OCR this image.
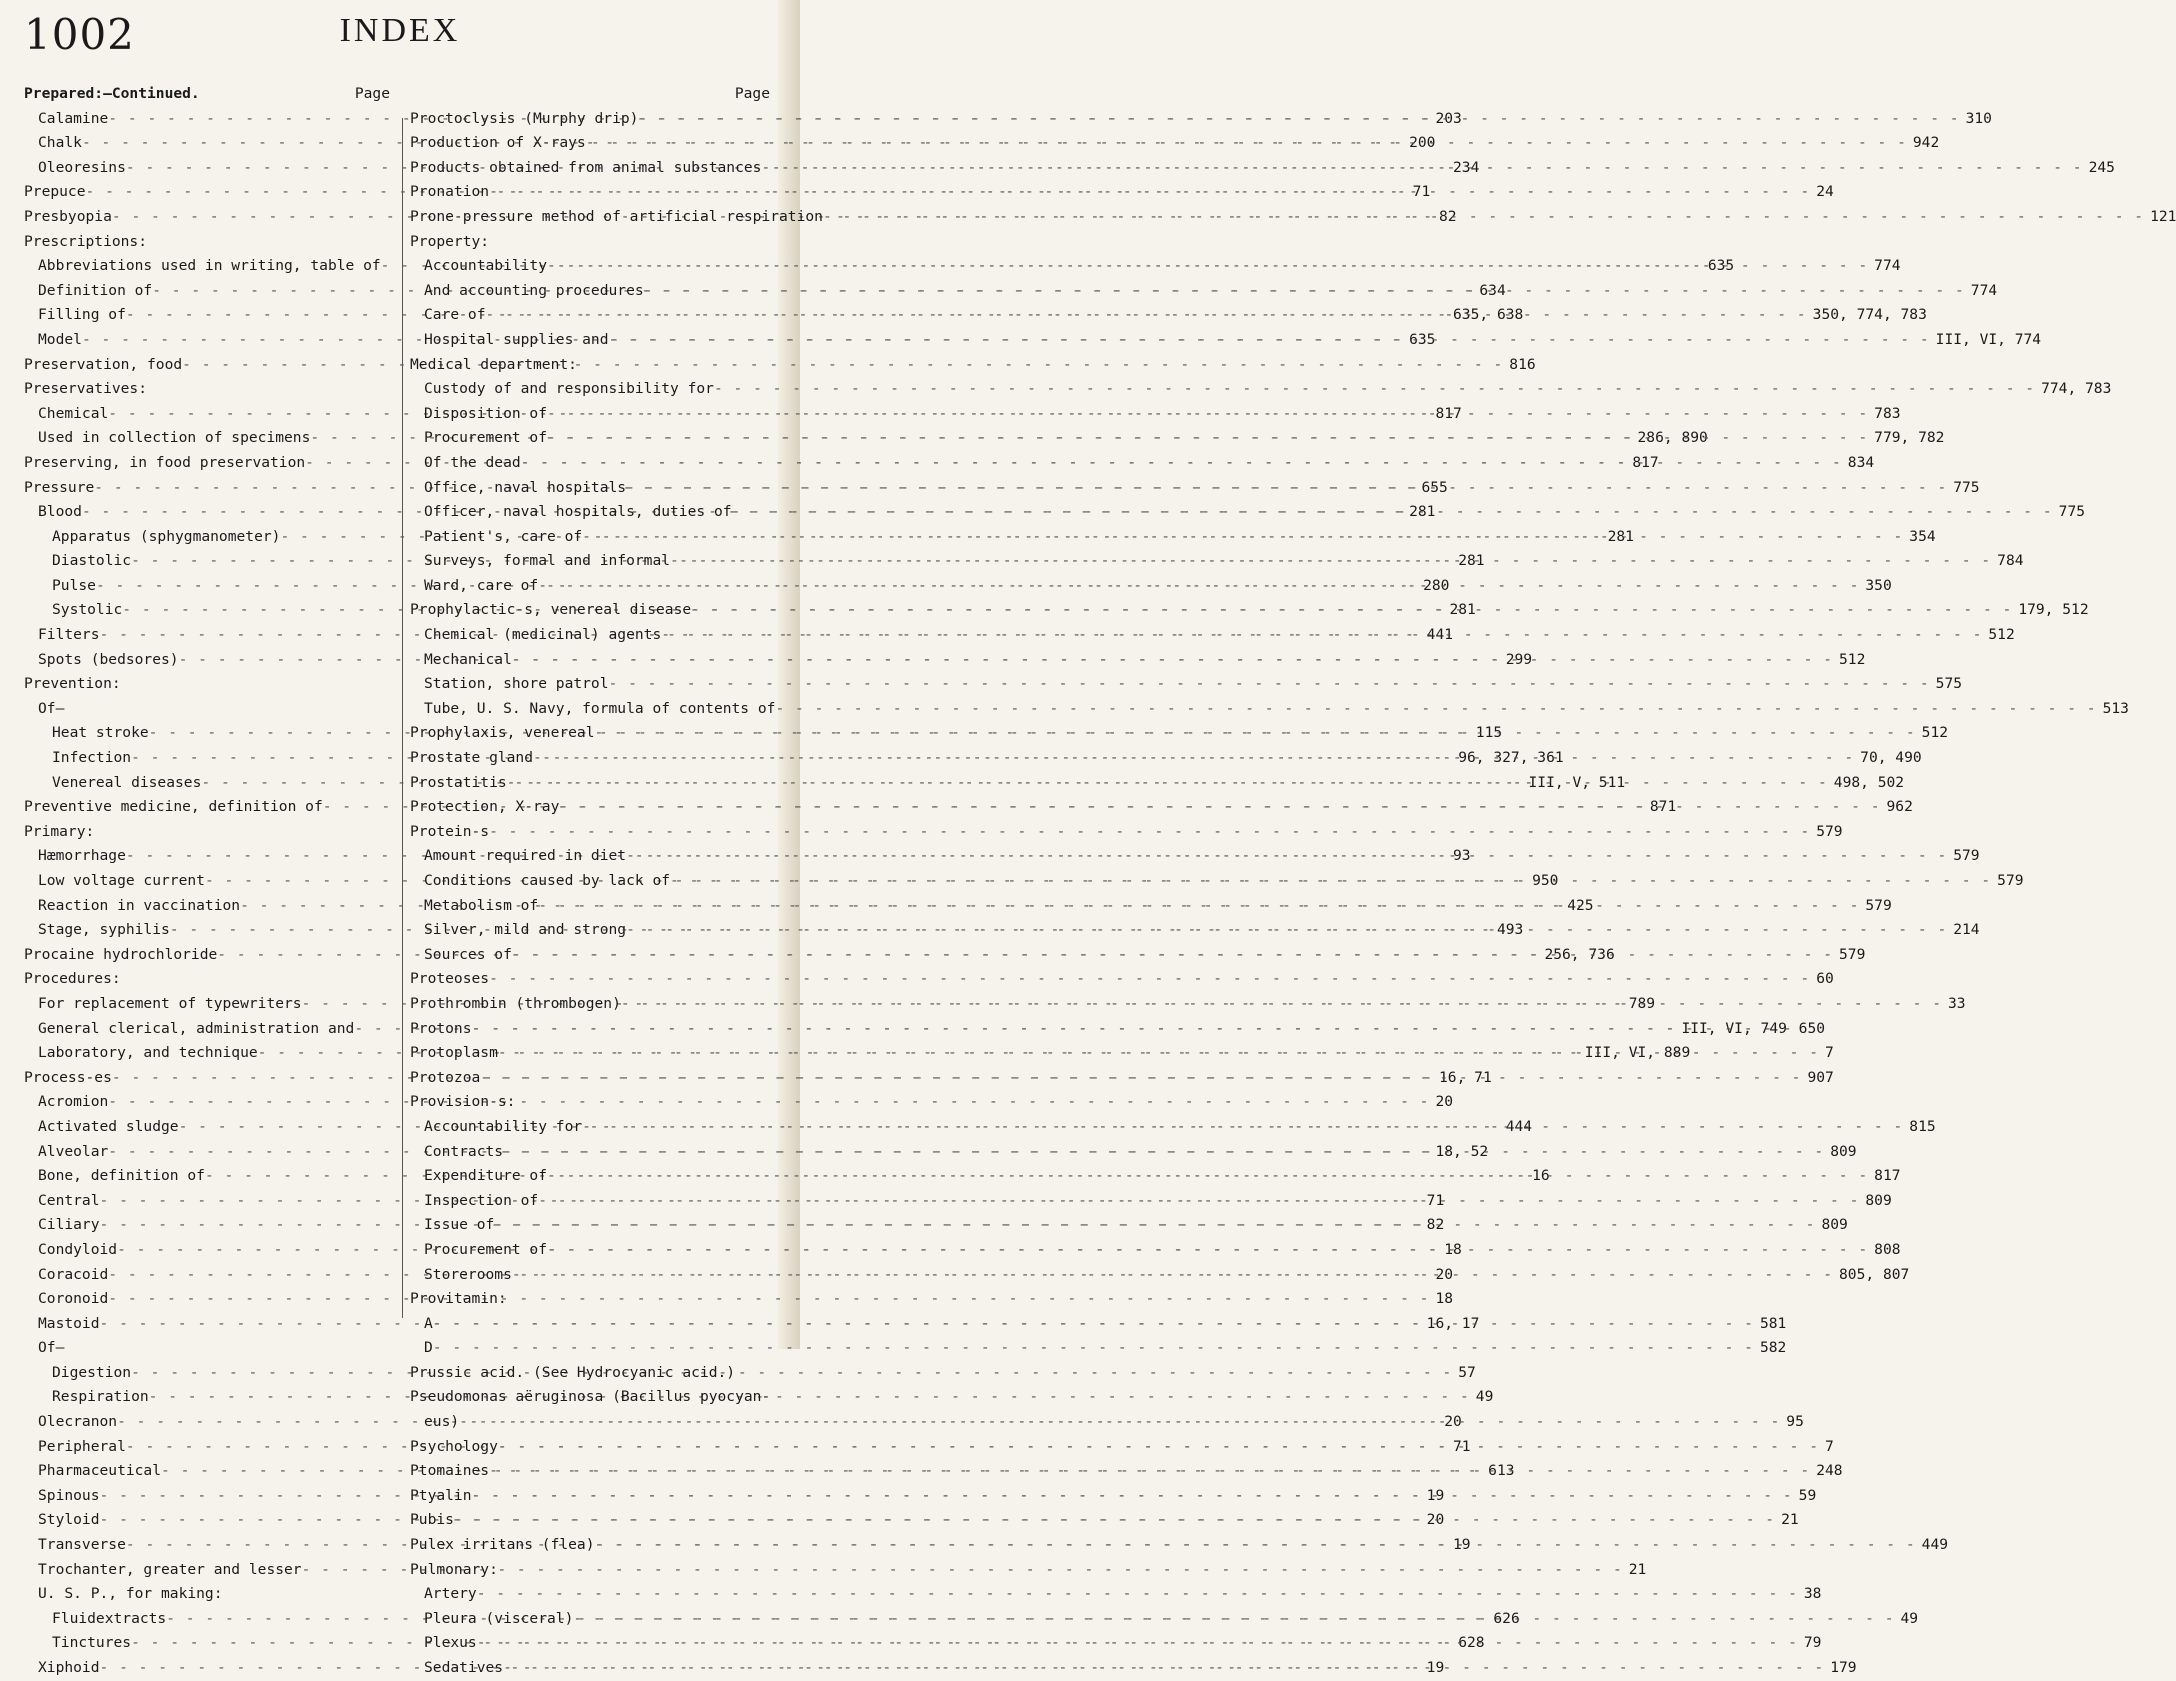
1002	INDEX
Prepared:—Continued.	Page
Calamine - - -	203
Chalk - - -	200
Oleoresins - - -	234
Prepuce - - -	71
Presbyopia - - -	82
Prescriptions:
Abbreviations used in writing, table of - - -	635
Definition of - - -	634
Filling of - - -	635, 638
Model - - -	635
Preservation, food - - -	816
Preservatives:
Chemical - - -	817
Used in collection of specimens - - -	286, 890
Preserving, in food preservation - - -	817
Pressure - - -	655
Blood - - -	281
Apparatus (sphygmanometer) - - -	281
Diastolic - - -	281
Pulse - - -	280
Systolic - - -	281
Filters - - -	441
Spots (bedsores) - - -	299
Prevention:
Of—
Heat stroke - - -	115
Infection - - -	96, 327, 361
Venereal diseases - - -	III, V, 511
Preventive medicine, definition of - - -	871
Primary:
Hæmorrhage - - -	93
Low voltage current - - -	950
Reaction in vaccination - - -	425
Stage, syphilis - - -	493
Procaine hydrochloride - - -	256, 736
Procedures:
For replacement of typewriters - - -	789
General clerical, administration and - - -	III, VI, 749
Laboratory, and technique - - -	III, VI, 889
Process-es - - -	16, 71
Acromion - - -	20
Activated sludge - - -	444
Alveolar - - -	18, 52
Bone, definition of - - -	16
Central - - -	71
Ciliary - - -	82
Condyloid - - -	18
Coracoid - - -	20
Coronoid - - -	18
Mastoid - - -	16, 17
Of—
Digestion - - -	57
Respiration - - -	49
Olecranon - - -	20
Peripheral - - -	71
Pharmaceutical - - -	613
Spinous - - -	19
Styloid - - -	20
Transverse - - -	19
Trochanter, greater and lesser - - -	21
U. S. P., for making:
Fluidextracts - - -	626
Tinctures - - -	628
Xiphoid - - -	19
Page
Proctoclysis (Murphy drip) - - -	310
Production of X-rays - - -	942
Products obtained from animal substances - - -	245
Pronation - - -	24
Prone-pressure method of artificial respiration - - -	121
Property:
Accountability - - -	774
And accounting procedures - - -	774
Care of - - -	350, 774, 783
Hospital supplies and - - -	III, VI, 774
Medical department:
Custody of and responsibility for - - -	774, 783
Disposition of - - -	783
Procurement of - - -	779, 782
Of the dead - - -	834
Office, naval hospitals - - -	775
Officer, naval hospitals, duties of - - -	775
Patient's, care of - - -	354
Surveys, formal and informal - - -	784
Ward, care of - - -	350
Prophylactic-s, venereal disease - - -	179, 512
Chemical (medicinal) agents - - -	512
Mechanical - - -	512
Station, shore patrol - - -	575
Tube, U. S. Navy, formula of contents of - - -	513
Prophylaxis, venereal - - -	512
Prostate gland - - -	70, 490
Prostatitis - - -	498, 502
Protection, X-ray - - -	962
Protein-s - - -	579
Amount required in diet - - -	579
Conditions caused by lack of - - -	579
Metabolism of - - -	579
Silver, mild and strong - - -	214
Sources of - - -	579
Proteoses - - -	60
Prothrombin (thrombogen) - - -	33
Protons - - -	650
Protoplasm - - -	7
Protozoa - - -	907
Provision-s:
Accountability for - - -	815
Contracts - - -	809
Expenditure of - - -	817
Inspection of - - -	809
Issue of - - -	809
Procurement of - - -	808
Storerooms - - -	805, 807
Provitamin:
A - - -	581
D - - -	582
Prussic acid. (See Hydrocyanic acid.)
Pseudomonas aëruginosa (Bacillus pyocyan-
eus) - - -	95
Psychology - - -	7
Ptomaines - - -	248
Ptyalin - - -	59
Pubis - - -	21
Pulex irritans (flea) - - -	449
Pulmonary:
Artery - - -	38
Pleura (visceral) - - -	49
Plexus - - -	79
Sedatives - - -	179
